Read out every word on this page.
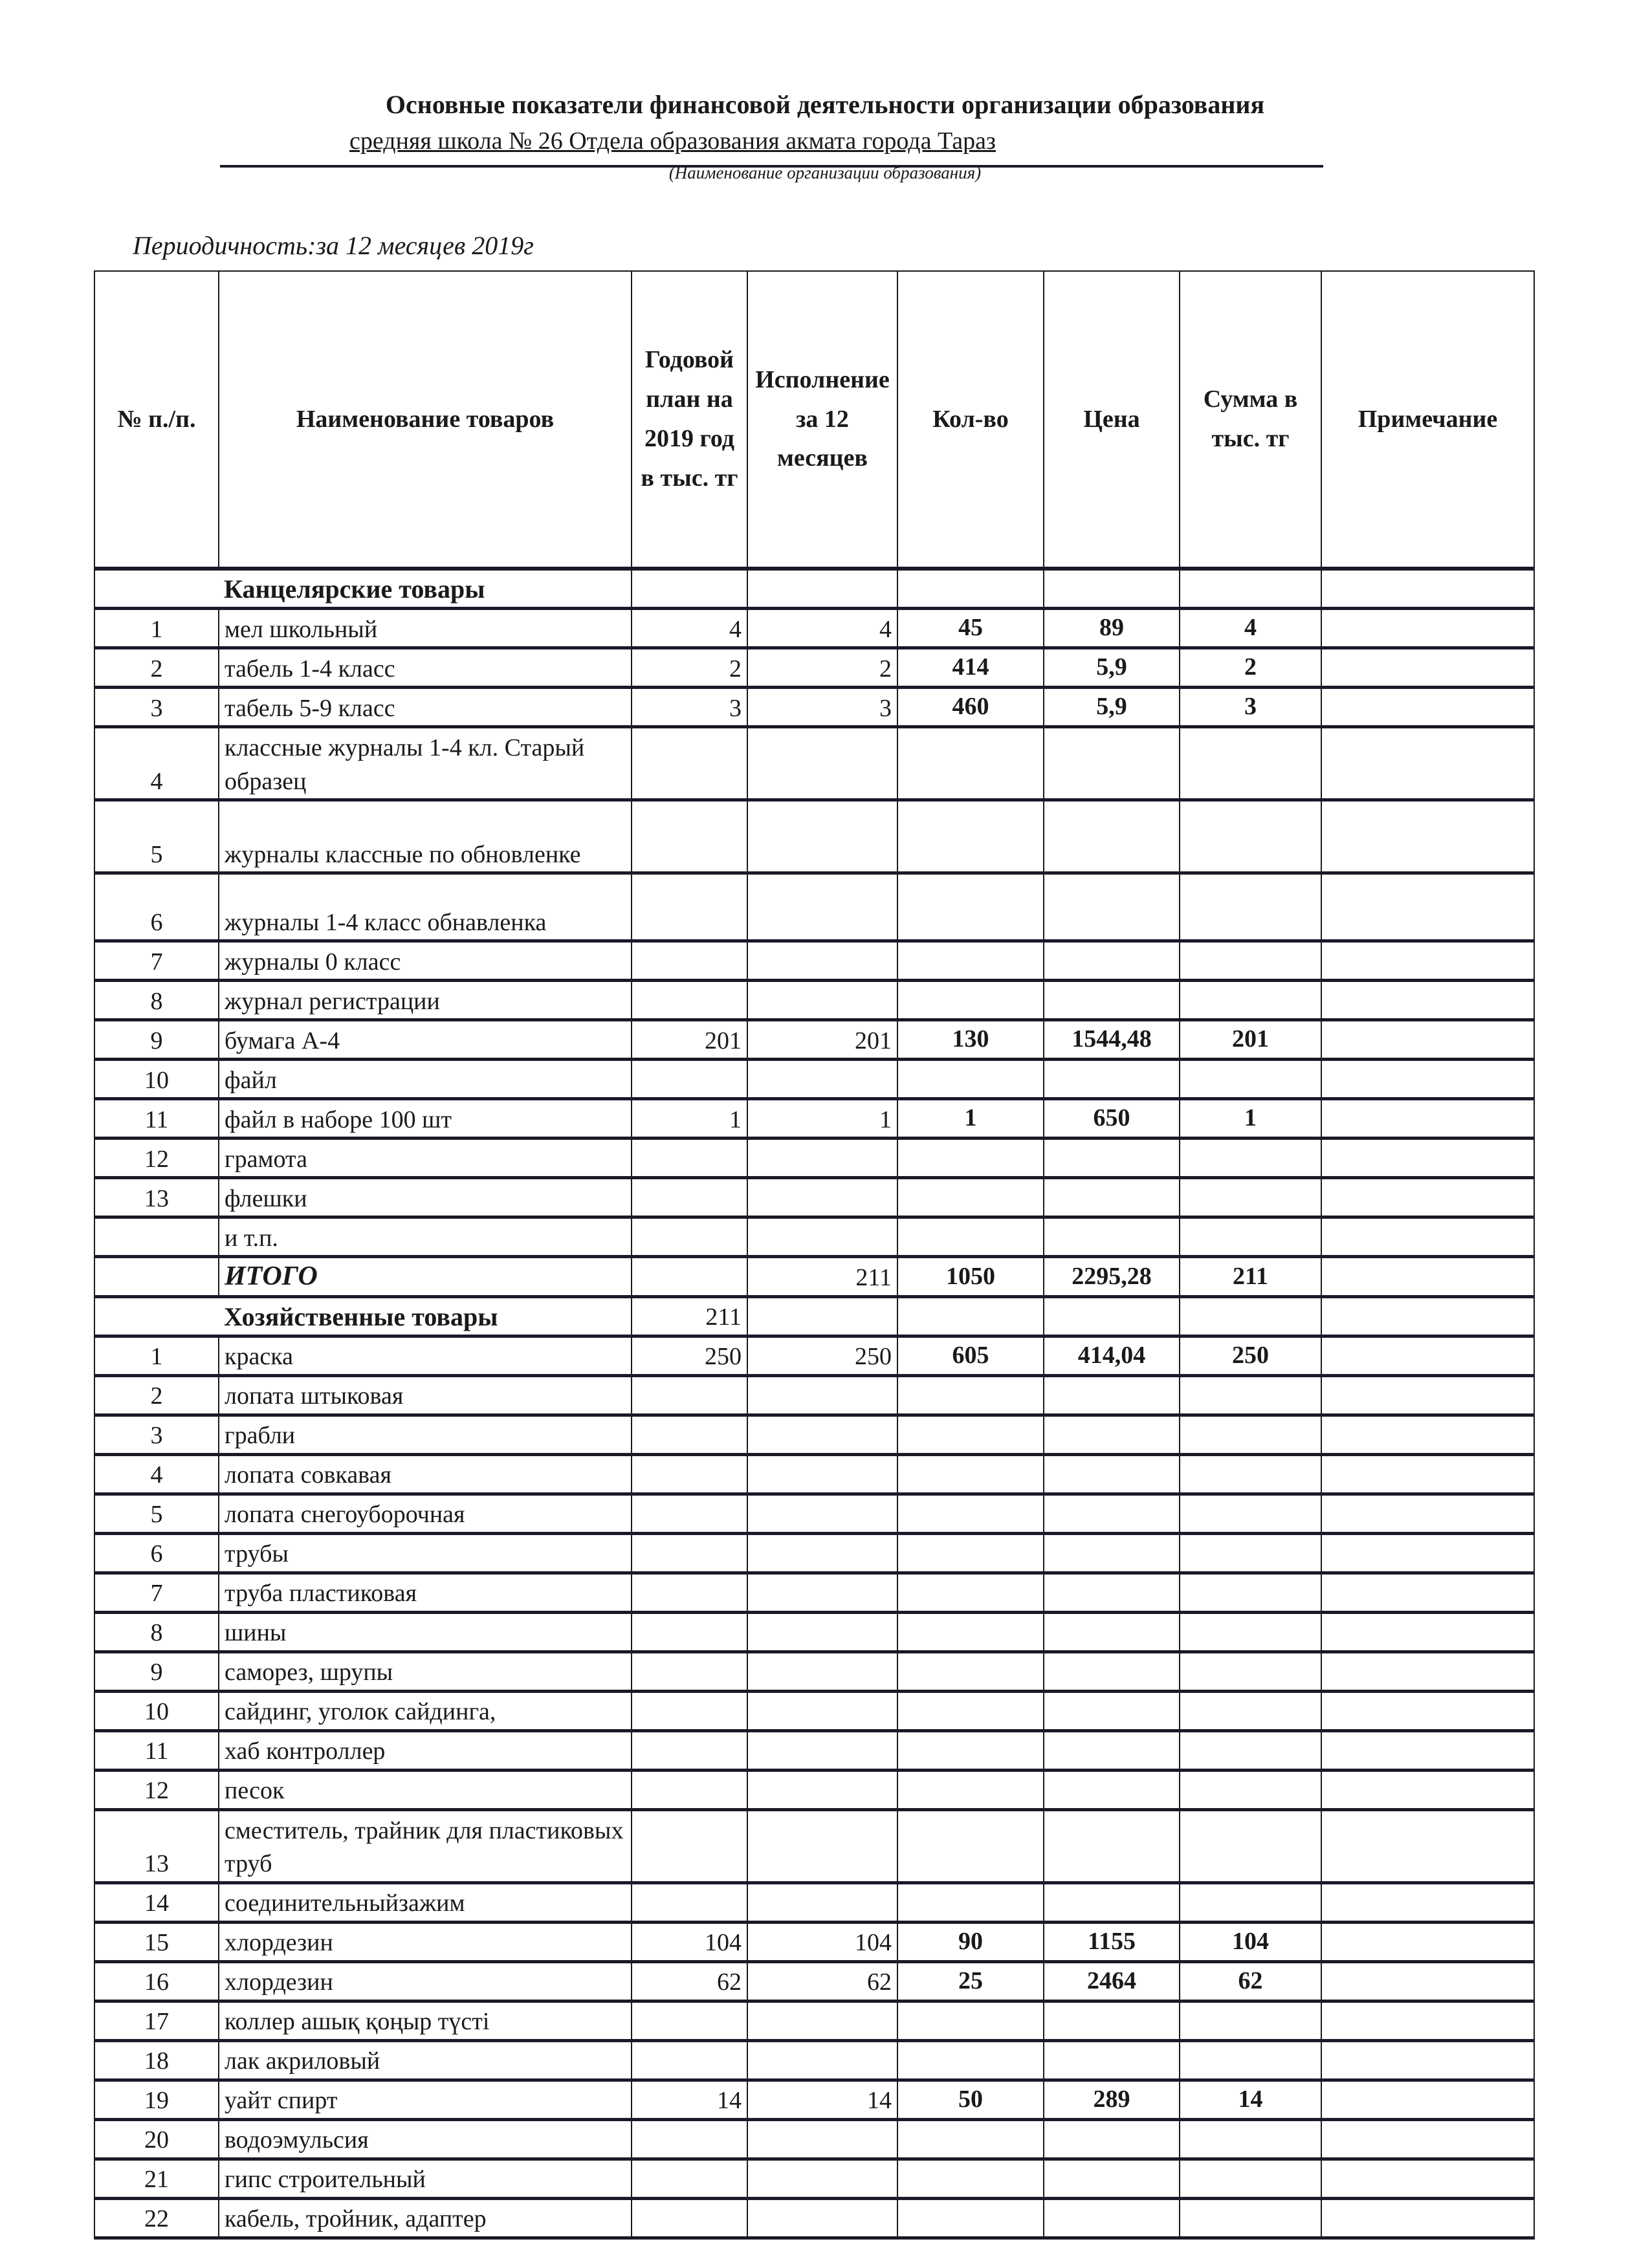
Основные показатели финансовой деятельности организации образования
средняя школа № 26 Отдела образования акмата города Тараз
(Наименование организации образования)
Периодичность:за 12 месяцев 2019г
№ п./п.	Наименование товаров	Годовой план на 2019 год в тыс. тг	Исполнение за 12 месяцев	Кол-во	Цена	Сумма в тыс. тг	Примечание
	Канцелярские товары						
1	мел школьный	4	4	45	89	4	
2	табель 1-4 класс	2	2	414	5,9	2	
3	табель 5-9 класс	3	3	460	5,9	3	
4	классные журналы 1-4 кл. Старый образец						
5	журналы классные по обновленке						
6	журналы 1-4 класс обнавленка						
7	журналы 0 класс						
8	журнал регистрации						
9	бумага А-4	201	201	130	1544,48	201	
10	файл						
11	файл в наборе 100 шт	1	1	1	650	1	
12	грамота						
13	флешки						
	и т.п.						
	ИТОГО		211	1050	2295,28	211	
	Хозяйственные товары	211					
1	краска	250	250	605	414,04	250	
2	лопата штыковая						
3	грабли						
4	лопата совкавая						
5	лопата снегоуборочная						
6	трубы						
7	труба пластиковая						
8	шины						
9	саморез, шрупы						
10	сайдинг, уголок сайдинга,						
11	хаб контроллер						
12	песок						
13	сместитель, трайник для пластиковых труб						
14	соединительныйзажим						
15	хлордезин	104	104	90	1155	104	
16	хлордезин	62	62	25	2464	62	
17	коллер ашық қоңыр түсті						
18	лак акриловый						
19	уайт спирт	14	14	50	289	14	
20	водоэмульсия						
21	гипс строительный						
22	кабель, тройник, адаптер						
